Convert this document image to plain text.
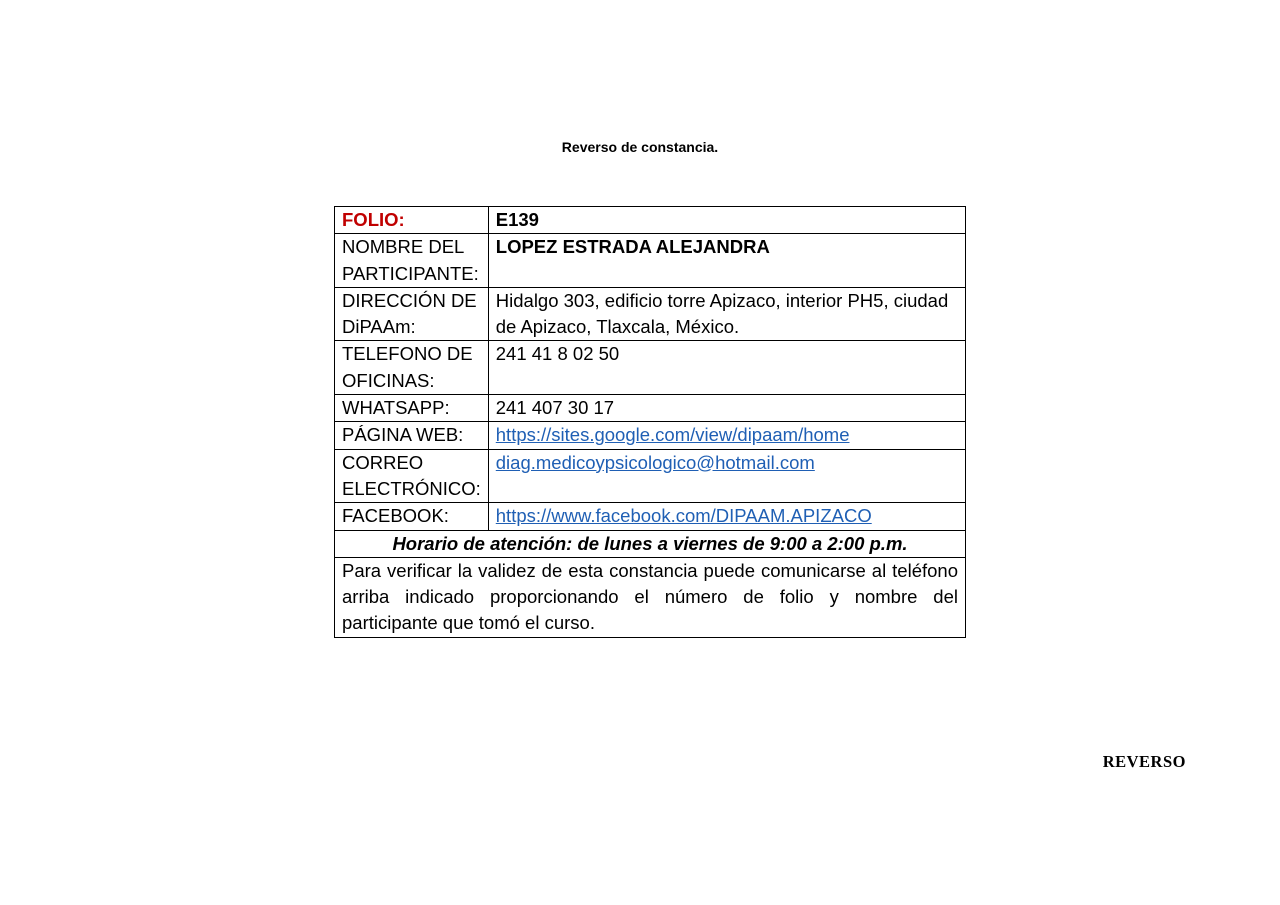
Reverso de constancia.
FOLIO:	E139
NOMBRE DEL PARTICIPANTE:	LOPEZ ESTRADA ALEJANDRA
DIRECCIÓN DE DiPAAm:	Hidalgo 303, edificio torre Apizaco, interior PH5, ciudad de Apizaco, Tlaxcala, México.
TELEFONO DE OFICINAS:	241 41 8 02 50
WHATSAPP:	241 407 30 17
PÁGINA WEB:	https://sites.google.com/view/dipaam/home
CORREO ELECTRÓNICO:	diag.medicoypsicologico@hotmail.com
FACEBOOK:	https://www.facebook.com/DIPAAM.APIZACO
Horario de atención: de lunes a viernes de 9:00 a 2:00 p.m.	
Para verificar la validez de esta constancia puede comunicarse al teléfono arriba indicado proporcionando el número de folio y nombre del participante que tomó el curso.	
REVERSO
